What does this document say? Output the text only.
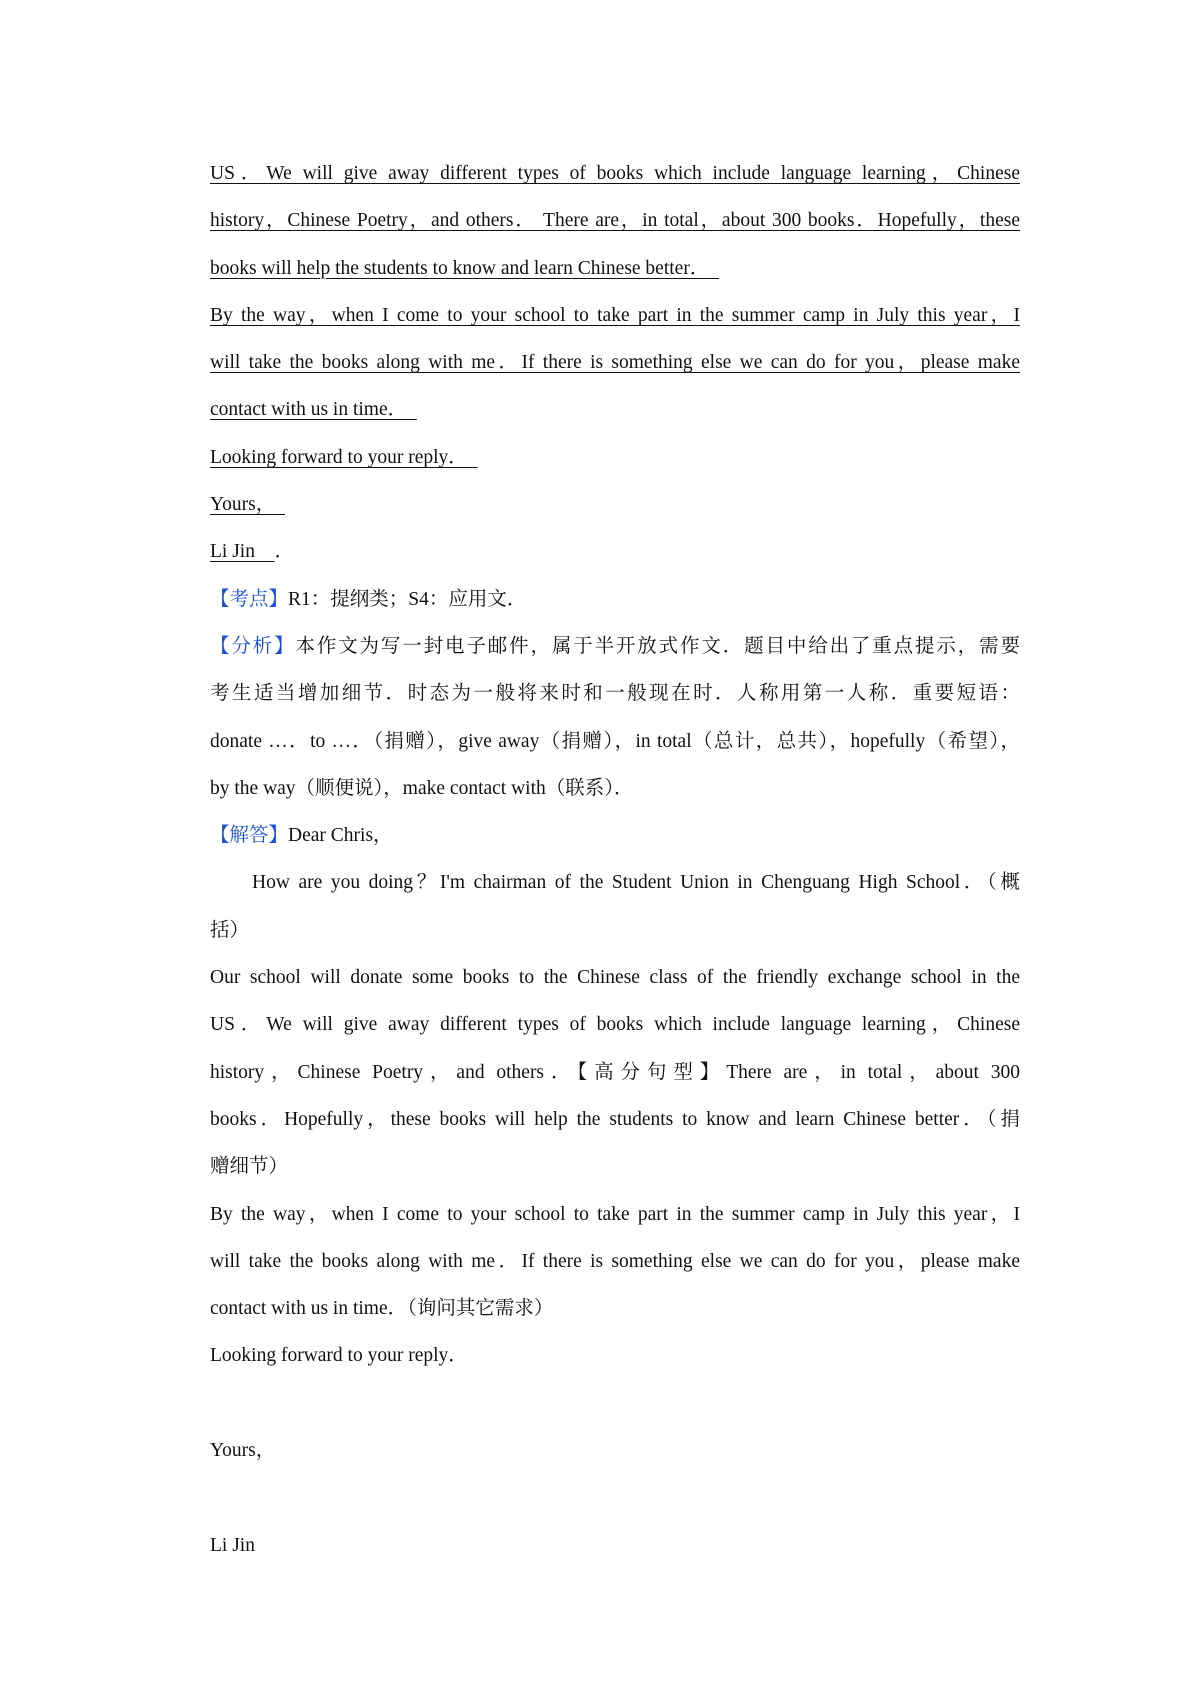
US．We will give away different types of books which include language learning，Chinese
history，Chinese Poetry，and others． There are，in total，about 300 books．Hopefully，these
books will help the students to know and learn Chinese better．
By the way，when I come to your school to take part in the summer camp in July this year，I
will take the books along with me．If there is something else we can do for you，please make
contact with us in time．
Looking forward to your reply．
Yours，
Li Jin ．
【考点】R1：提纲类；S4：应用文．
【分析】本作文为写一封电子邮件，属于半开放式作文．题目中给出了重点提示，需要
考生适当增加细节．时态为一般将来时和一般现在时．人称用第一人称．重要短语：
donate …．to …．（捐赠），give away（捐赠），in total（总计，总共），hopefully（希望），
by the way（顺便说），make contact with（联系）．
【解答】Dear Chris，
How are you doing？I'm chairman of the Student Union in Chenguang High School．（概
括）
Our school will donate some books to the Chinese class of the friendly exchange school in the
US．We will give away different types of books which include language learning，Chinese
history，Chinese Poetry，and others．【高分句型】There are，in total，about 300
books．Hopefully，these books will help the students to know and learn Chinese better．（捐
赠细节）
By the way，when I come to your school to take part in the summer camp in July this year，I
will take the books along with me．If there is something else we can do for you，please make
contact with us in time．（询问其它需求）
Looking forward to your reply．
Yours，
Li Jin
